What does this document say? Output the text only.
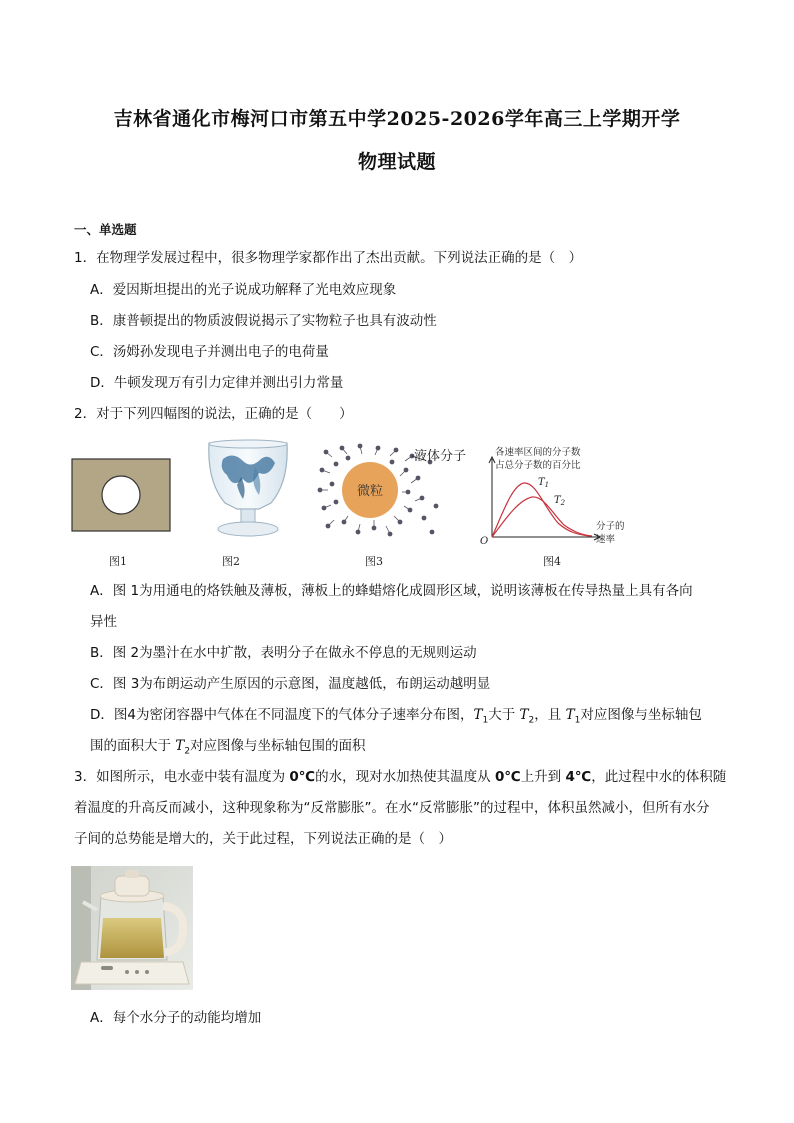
吉林省通化市梅河口市第五中学2025-2026学年高三上学期开学
物理试题
一、单选题
1．在物理学发展过程中，很多物理学家都作出了杰出贡献。下列说法正确的是（　）
A．爱因斯坦提出的光子说成功解释了光电效应现象
B．康普顿提出的物质波假说揭示了实物粒子也具有波动性
C．汤姆孙发现电子并测出电子的电荷量
D．牛顿发现万有引力定律并测出引力常量
2．对于下列四幅图的说法，正确的是（　　）
图1	图2
微粒
液体分子
图3
各速率区间的分子数
占总分子数的百分比
$T_1$
$T_2$
O
分子的
速率
图4
A．图 1为用通电的烙铁触及薄板，薄板上的蜂蜡熔化成圆形区域，说明该薄板在传导热量上具有各向
异性
B．图 2为墨汁在水中扩散，表明分子在做永不停息的无规则运动
C．图 3为布朗运动产生原因的示意图，温度越低，布朗运动越明显
D．图4为密闭容器中气体在不同温度下的气体分子速率分布图，$T_1$大于 $T_2$，且 $T_1$对应图像与坐标轴包
围的面积大于 $T_2$对应图像与坐标轴包围的面积
3．如图所示，电水壶中装有温度为 0℃的水，现对水加热使其温度从 0℃上升到 4℃，此过程中水的体积随
着温度的升高反而减小，这种现象称为“反常膨胀”。在水“反常膨胀”的过程中，体积虽然减小，但所有水分
子间的总势能是增大的，关于此过程，下列说法正确的是（　）
A．每个水分子的动能均增加
